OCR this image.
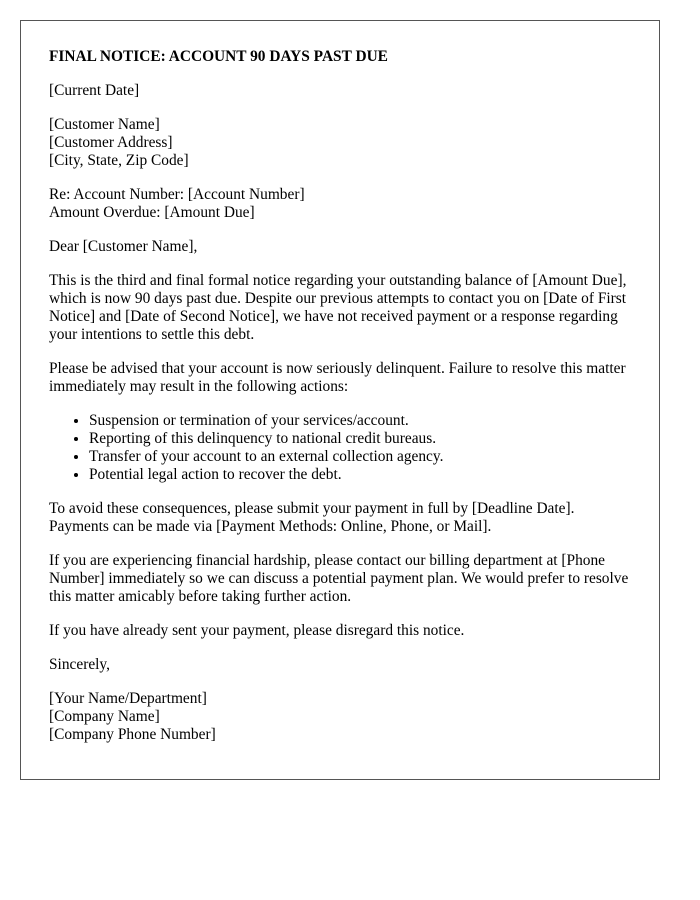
FINAL NOTICE: ACCOUNT 90 DAYS PAST DUE
[Current Date]
[Customer Name]
[Customer Address]
[City, State, Zip Code]
Re: Account Number: [Account Number]
Amount Overdue: [Amount Due]

Dear [Customer Name],

This is the third and final formal notice regarding your outstanding balance of [Amount Due], which is now 90 days past due. Despite our previous attempts to contact you on [Date of First Notice] and [Date of Second Notice], we have not received payment or a response regarding your intentions to settle this debt.

Please be advised that your account is now seriously delinquent. Failure to resolve this matter immediately may result in the following actions:

• Suspension or termination of your services/account.
• Reporting of this delinquency to national credit bureaus.
• Transfer of your account to an external collection agency.
• Potential legal action to recover the debt.

To avoid these consequences, please submit your payment in full by [Deadline Date]. Payments can be made via [Payment Methods: Online, Phone, or Mail].

If you are experiencing financial hardship, please contact our billing department at [Phone Number] immediately so we can discuss a potential payment plan. We would prefer to resolve this matter amicably before taking further action.

If you have already sent your payment, please disregard this notice.

Sincerely,

[Your Name/Department]
[Company Name]
[Company Phone Number]
